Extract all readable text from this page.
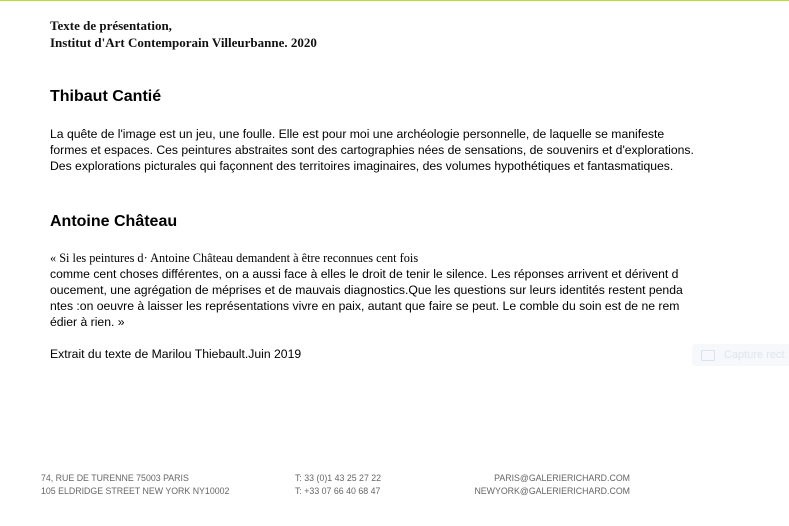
Texte de présentation,
Institut d'Art Contemporain Villeurbanne. 2020
Thibaut Cantié
La quête de l'image est un jeu, une foulle. Elle est pour moi une archéologie personnelle, de laquelle se manifeste
formes et espaces. Ces peintures abstraites sont des cartographies nées de sensations, de souvenirs et d'explorations.
Des explorations picturales qui façonnent des territoires imaginaires, des volumes hypothétiques et fantasmatiques.
Antoine Château
« Si les peintures d· Antoine Château demandent à être reconnues cent fois
comme cent choses différentes, on a aussi face à elles le droit de tenir le silence. Les réponses arrivent et dérivent d
oucement, une agrégation de méprises et de mauvais diagnostics.Que les questions sur leurs identités restent penda
ntes :on oeuvre à laisser les représentations vivre en paix, autant que faire se peut. Le comble du soin est de ne rem
édier à rien. »
Extrait du texte de Marilou Thiebault.Juin 2019	Capture rect
74, RUE DE TURENNE 75003 PARIS
105 ELDRIDGE STREET NEW YORK NY10002
T: 33 (0)1 43 25 27 22
T: +33 07 66 40 68 47
PARIS@GALERIERICHARD.COM
NEWYORK@GALERIERICHARD.COM
